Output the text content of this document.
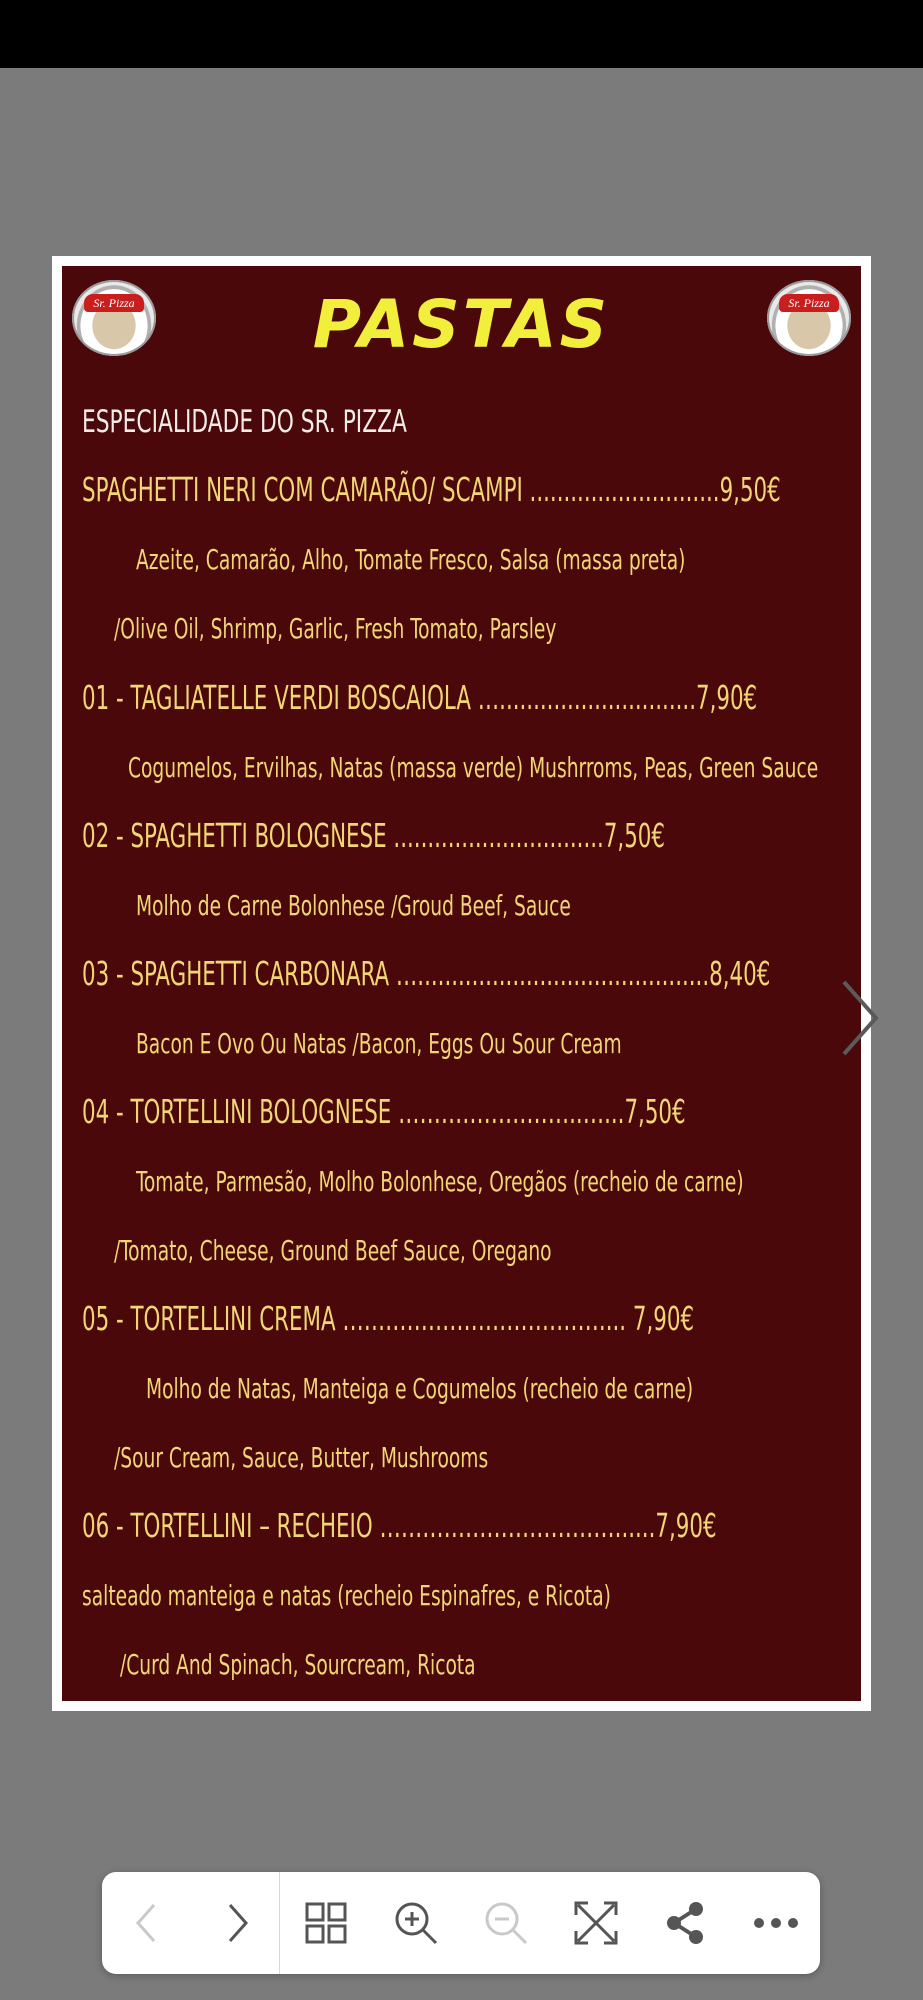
Sr. Pizza	Sr. Pizza
PASTAS
ESPECIALIDADE DO SR. PIZZA
SPAGHETTI NERI COM CAMARÃO/ SCAMPI ............................9,50€
Azeite, Camarão, Alho, Tomate Fresco, Salsa (massa preta)
/Olive Oil, Shrimp, Garlic, Fresh Tomato, Parsley
01 - TAGLIATELLE VERDI BOSCAIOLA ….............................7,90€
Cogumelos, Ervilhas, Natas (massa verde) Mushrroms, Peas, Green Sauce
02 - SPAGHETTI BOLOGNESE ...............................7,50€
Molho de Carne Bolonhese /Groud Beef, Sauce
03 - SPAGHETTI CARBONARA …...........................................8,40€
Bacon E Ovo Ou Natas /Bacon, Eggs Ou Sour Cream
04 - TORTELLINI BOLOGNESE ……………………..…...7,50€
Tomate, Parmesão, Molho Bolonhese, Oregãos (recheio de carne)
/Tomato, Cheese, Ground Beef Sauce, Oregano
05 - TORTELLINI CREMA ……………………………….... 7,90€
Molho de Natas, Manteiga e Cogumelos (recheio de carne)
/Sour Cream, Sauce, Butter, Mushrooms
06 - TORTELLINI – RECHEIO ……………………………......7,90€
salteado manteiga e natas (recheio Espinafres, e Ricota)
/Curd And Spinach, Sourcream, Ricota
